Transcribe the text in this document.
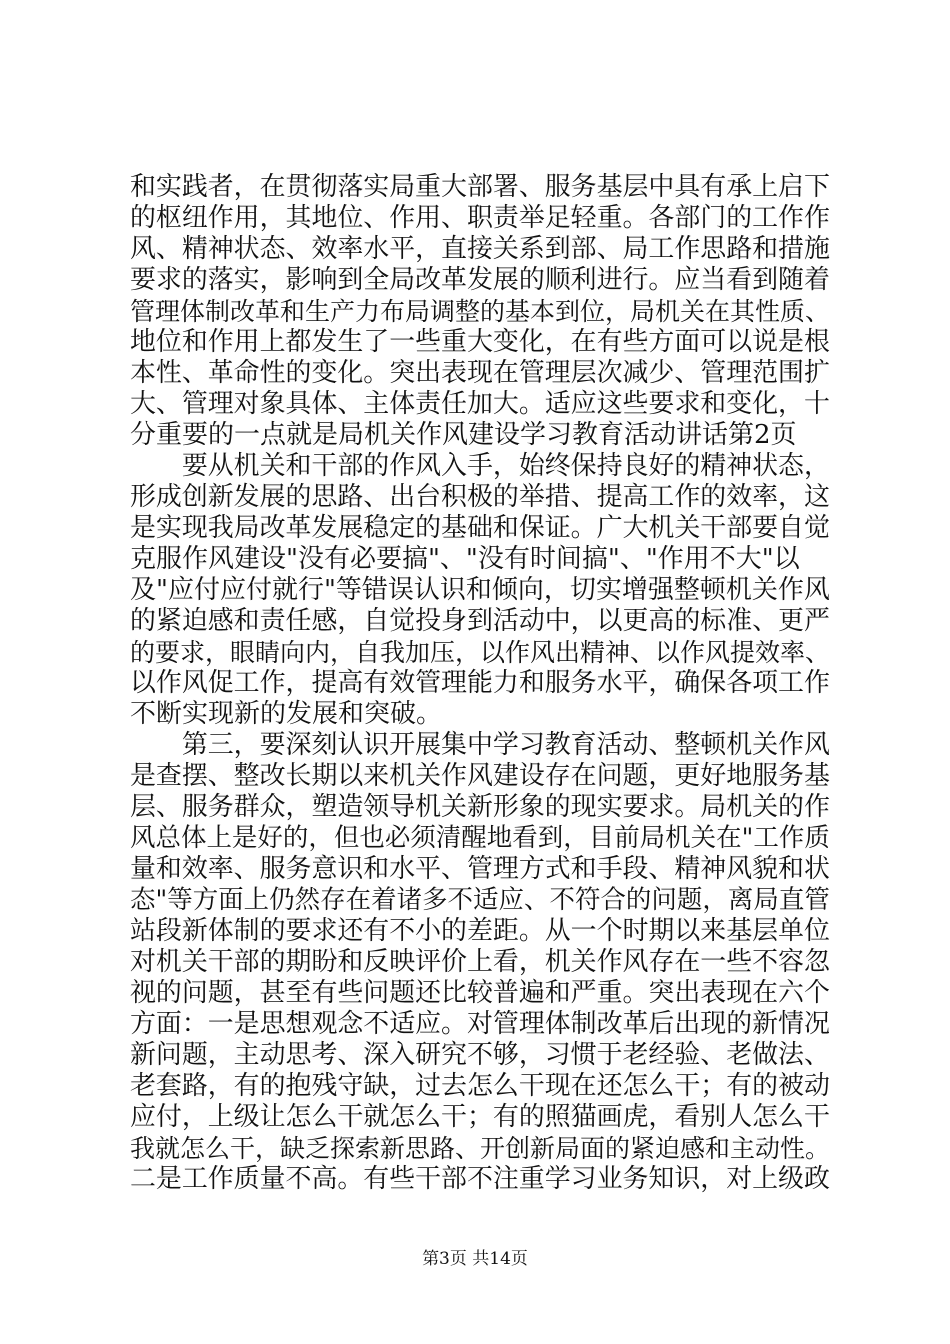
和实践者，在贯彻落实局重大部署、服务基层中具有承上启下
的枢纽作用，其地位、作用、职责举足轻重。各部门的工作作
风、精神状态、效率水平，直接关系到部、局工作思路和措施
要求的落实，影响到全局改革发展的顺利进行。应当看到随着
管理体制改革和生产力布局调整的基本到位，局机关在其性质、
地位和作用上都发生了一些重大变化，在有些方面可以说是根
本性、革命性的变化。突出表现在管理层次减少、管理范围扩
大、管理对象具体、主体责任加大。适应这些要求和变化，十
分重要的一点就是局机关作风建设学习教育活动讲话第2页
　　要从机关和干部的作风入手，始终保持良好的精神状态，
形成创新发展的思路、出台积极的举措、提高工作的效率，这
是实现我局改革发展稳定的基础和保证。广大机关干部要自觉
克服作风建设"没有必要搞"、"没有时间搞"、"作用不大"以
及"应付应付就行"等错误认识和倾向，切实增强整顿机关作风
的紧迫感和责任感，自觉投身到活动中，以更高的标准、更严
的要求，眼睛向内，自我加压，以作风出精神、以作风提效率、
以作风促工作，提高有效管理能力和服务水平，确保各项工作
不断实现新的发展和突破。
　　第三，要深刻认识开展集中学习教育活动、整顿机关作风
是查摆、整改长期以来机关作风建设存在问题，更好地服务基
层、服务群众，塑造领导机关新形象的现实要求。局机关的作
风总体上是好的，但也必须清醒地看到，目前局机关在"工作质
量和效率、服务意识和水平、管理方式和手段、精神风貌和状
态"等方面上仍然存在着诸多不适应、不符合的问题，离局直管
站段新体制的要求还有不小的差距。从一个时期以来基层单位
对机关干部的期盼和反映评价上看，机关作风存在一些不容忽
视的问题，甚至有些问题还比较普遍和严重。突出表现在六个
方面：一是思想观念不适应。对管理体制改革后出现的新情况
新问题，主动思考、深入研究不够，习惯于老经验、老做法、
老套路，有的抱残守缺，过去怎么干现在还怎么干；有的被动
应付，上级让怎么干就怎么干；有的照猫画虎，看别人怎么干
我就怎么干，缺乏探索新思路、开创新局面的紧迫感和主动性。
二是工作质量不高。有些干部不注重学习业务知识，对上级政
第3页 共14页
